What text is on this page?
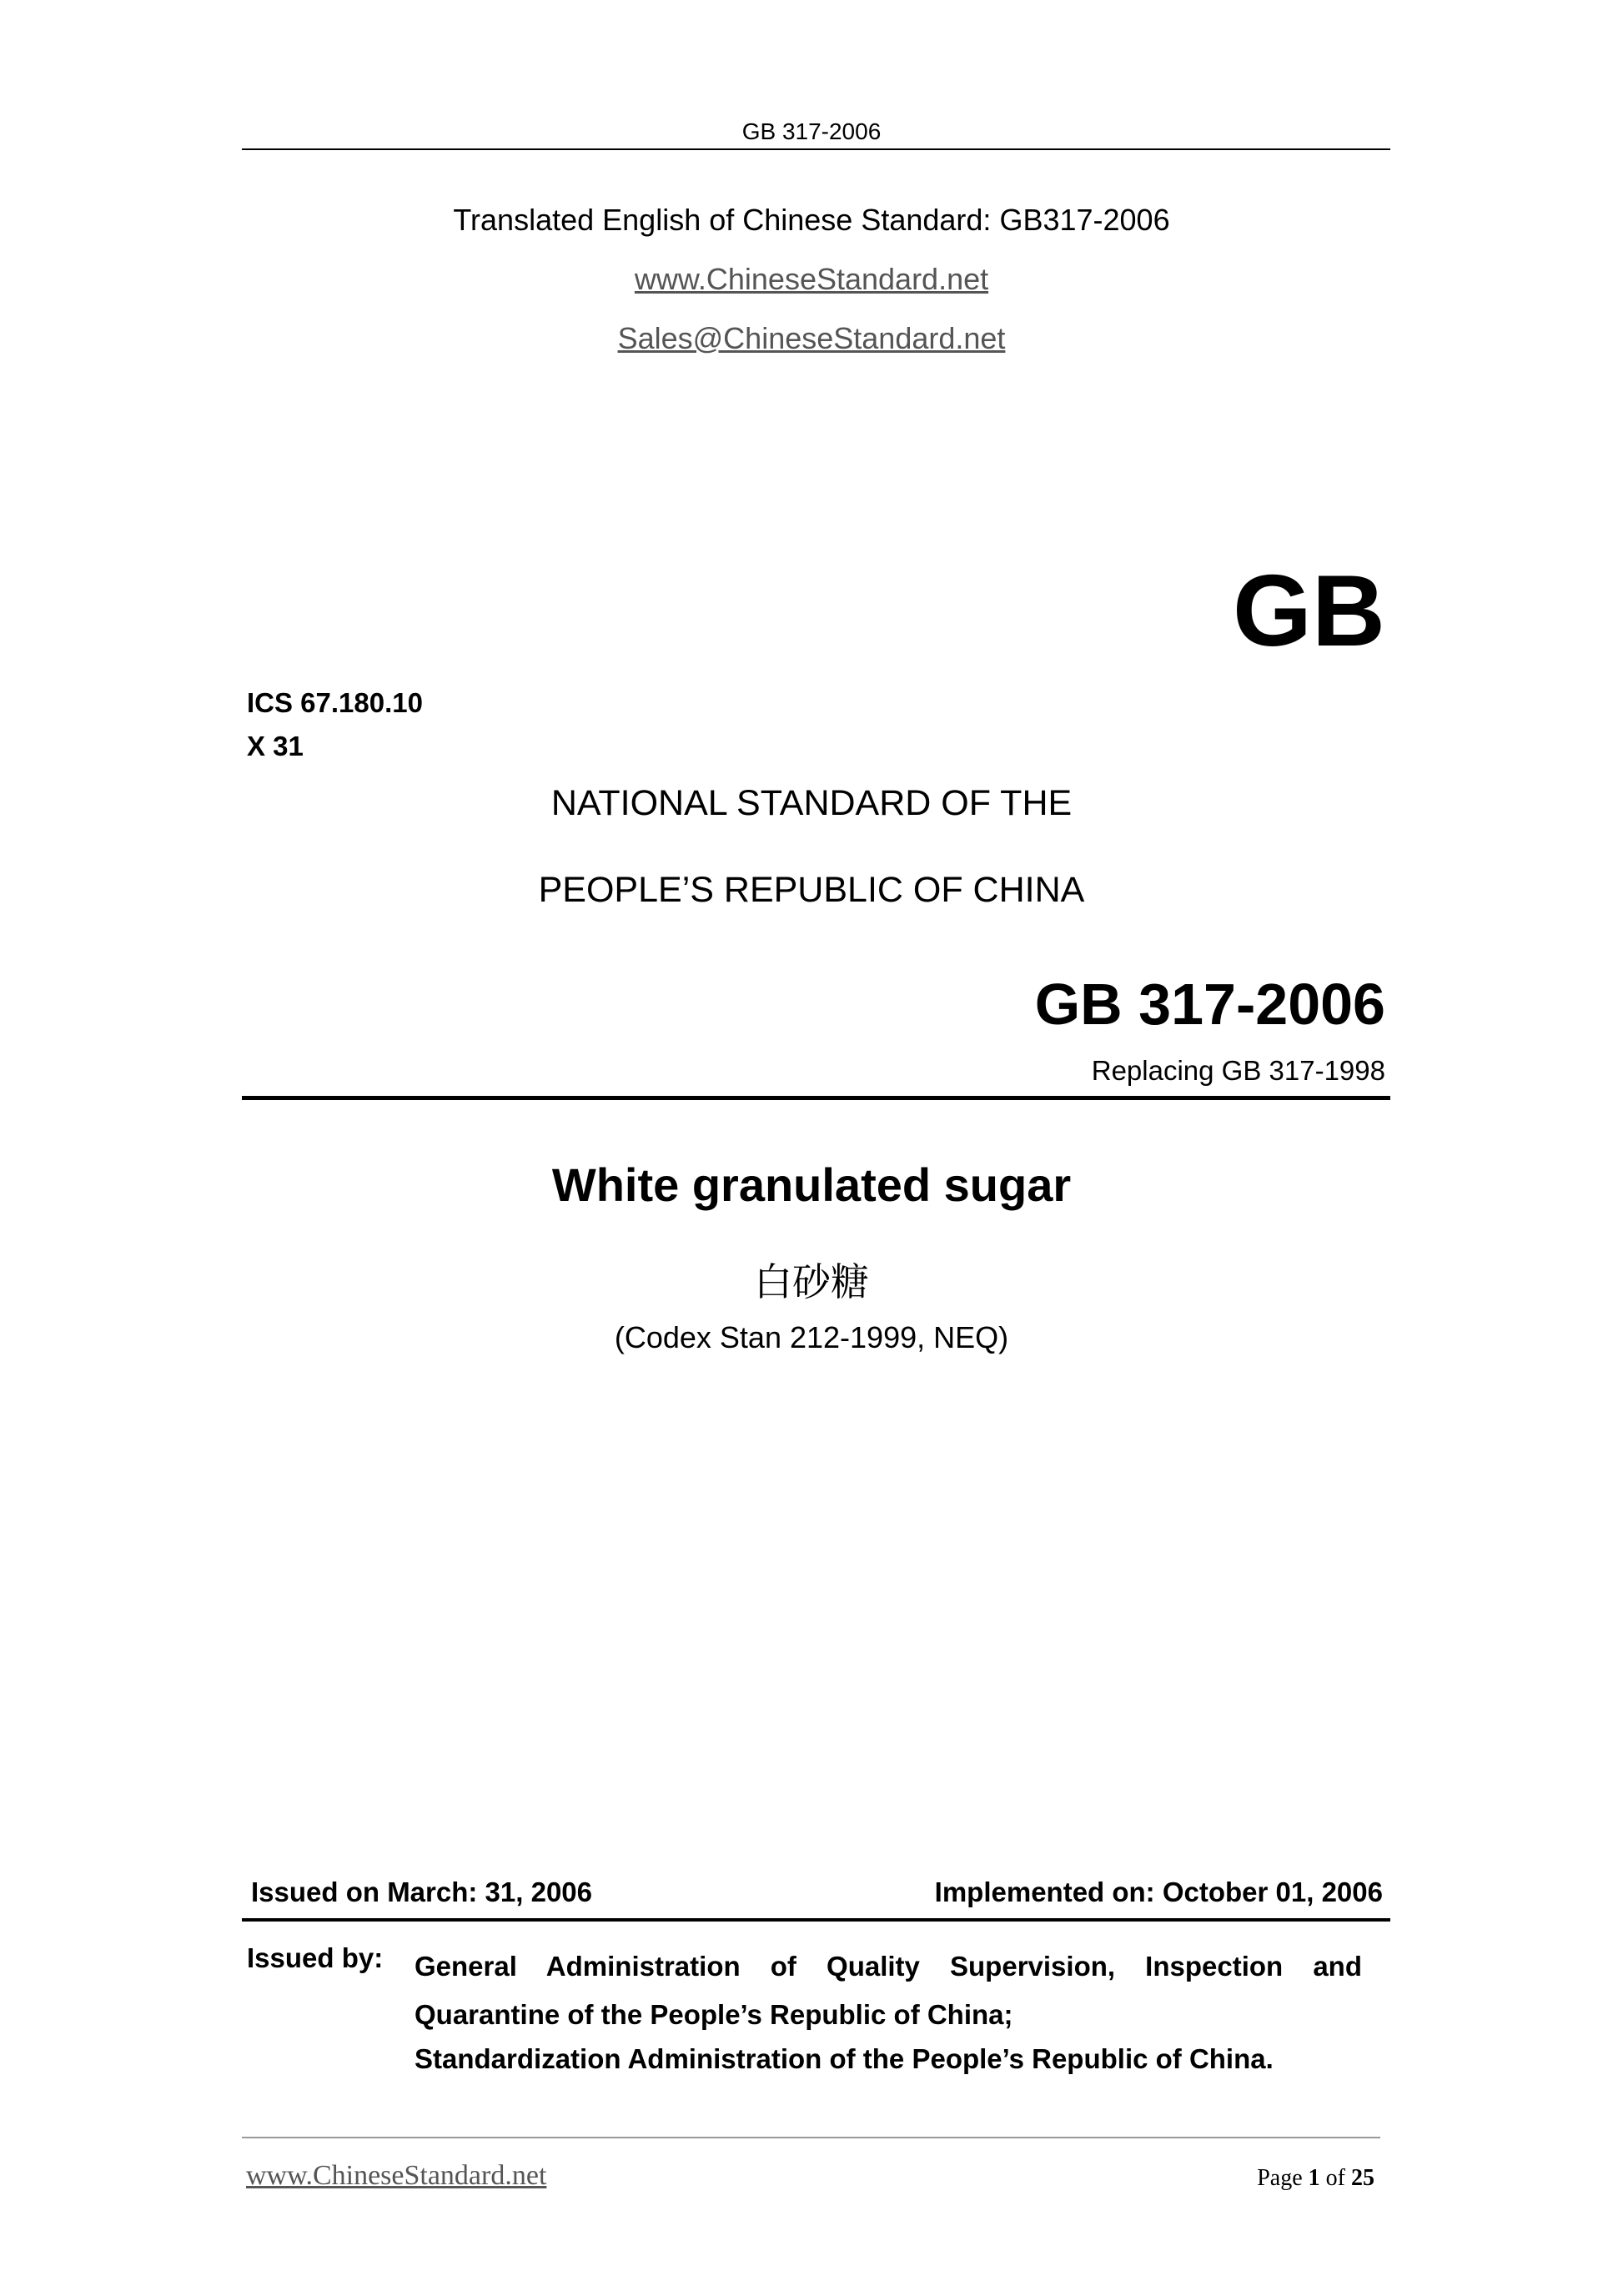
GB 317-2006
Translated English of Chinese Standard: GB317-2006
www.ChineseStandard.net
Sales@ChineseStandard.net
GB
ICS 67.180.10
X 31
NATIONAL STANDARD OF THE
PEOPLE’S REPUBLIC OF CHINA
GB 317-2006
Replacing GB 317-1998
White granulated sugar
白砂糖
(Codex Stan 212-1999, NEQ)
Issued on March: 31, 2006	Implemented on: October 01, 2006
Issued by: General Administration of Quality Supervision, Inspection and Quarantine of the People’s Republic of China;
Standardization Administration of the People’s Republic of China.
www.ChineseStandard.net	Page 1 of 25
